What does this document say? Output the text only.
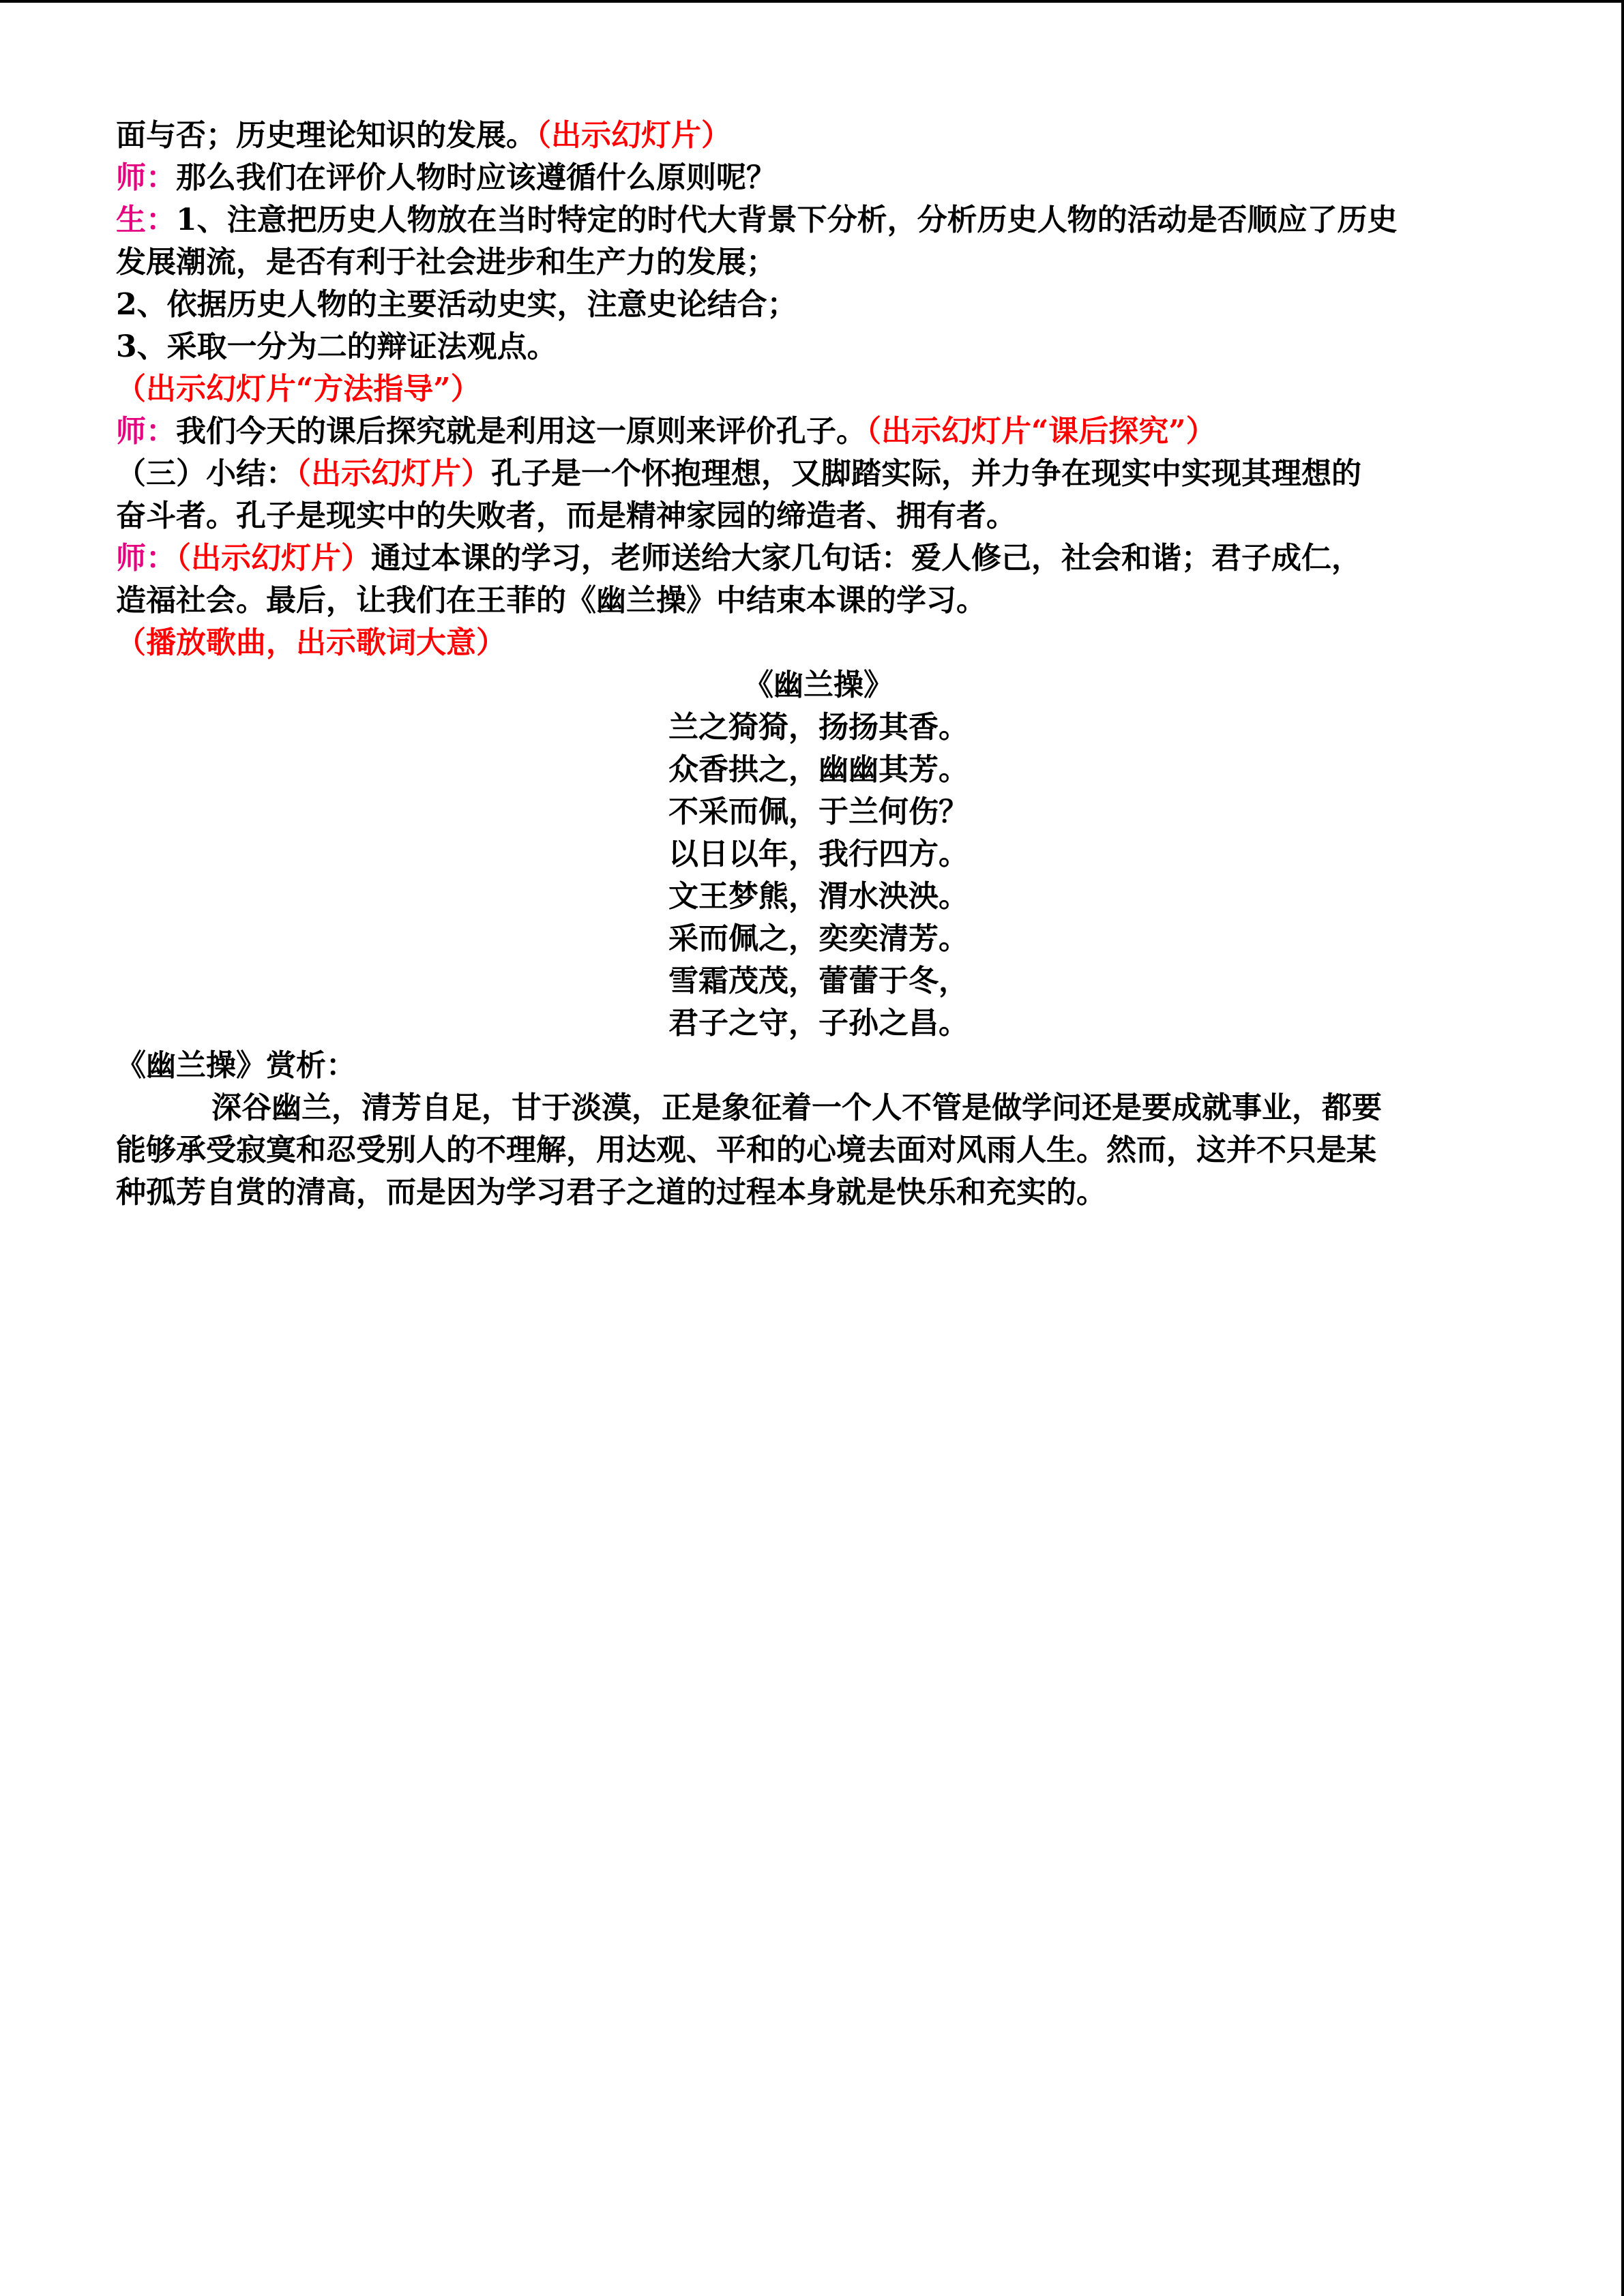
面与否；历史理论知识的发展。（出示幻灯片）
师：那么我们在评价人物时应该遵循什么原则呢？
生：1、注意把历史人物放在当时特定的时代大背景下分析，分析历史人物的活动是否顺应了历史
发展潮流，是否有利于社会进步和生产力的发展；
2、依据历史人物的主要活动史实，注意史论结合；
3、采取一分为二的辩证法观点。
（出示幻灯片“方法指导”）
师：我们今天的课后探究就是利用这一原则来评价孔子。（出示幻灯片“课后探究”）
（三）小结：（出示幻灯片）孔子是一个怀抱理想，又脚踏实际，并力争在现实中实现其理想的
奋斗者。孔子是现实中的失败者，而是精神家园的缔造者、拥有者。
师：（出示幻灯片）通过本课的学习，老师送给大家几句话：爱人修己，社会和谐；君子成仁，
造福社会。最后，让我们在王菲的《幽兰操》中结束本课的学习。
（播放歌曲，出示歌词大意）
《幽兰操》
兰之猗猗，扬扬其香。
众香拱之，幽幽其芳。
不采而佩，于兰何伤？
以日以年，我行四方。
文王梦熊，渭水泱泱。
采而佩之，奕奕清芳。
雪霜茂茂，蕾蕾于冬，
君子之守，子孙之昌。
《幽兰操》赏析：
深谷幽兰，清芳自足，甘于淡漠，正是象征着一个人不管是做学问还是要成就事业，都要
能够承受寂寞和忍受别人的不理解，用达观、平和的心境去面对风雨人生。然而，这并不只是某
种孤芳自赏的清高，而是因为学习君子之道的过程本身就是快乐和充实的。
